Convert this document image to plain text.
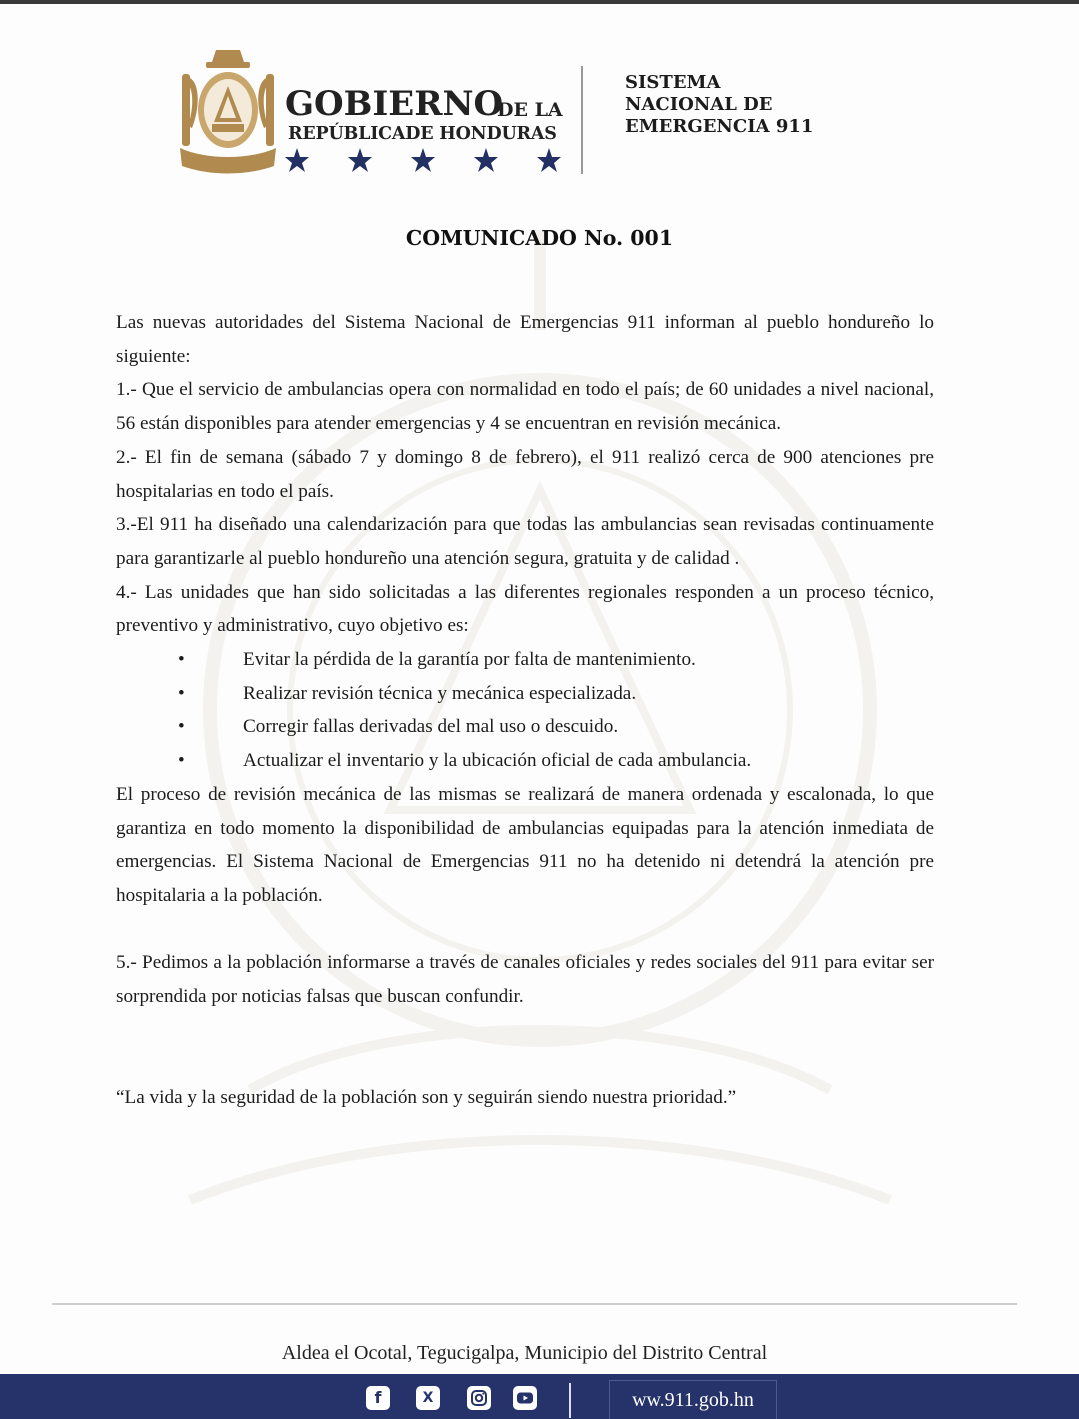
GOBIERNO
DE LA
REPÚBLICADE HONDURAS
SISTEMA
NACIONAL DE
EMERGENCIA 911
COMUNICADO No. 001

Las nuevas autoridades del Sistema Nacional de Emergencias 911 informan al pueblo hondureño lo siguiente:

1.- Que el servicio de ambulancias opera con normalidad en todo el país; de 60 unidades a nivel nacional, 56 están disponibles para atender emergencias y 4 se encuentran en revisión mecánica.

2.- El fin de semana (sábado 7 y domingo 8 de febrero), el 911 realizó cerca de 900 atenciones pre hospitalarias en todo el país.

3.-El 911 ha diseñado una calendarización para que todas las ambulancias sean revisadas continuamente para garantizarle al pueblo hondureño una atención segura, gratuita y de calidad .

4.- Las unidades que han sido solicitadas a las diferentes regionales responden a un proceso técnico, preventivo y administrativo, cuyo objetivo es:

•	Evitar la pérdida de la garantía por falta de mantenimiento.
•	Realizar revisión técnica y mecánica especializada.
•	Corregir fallas derivadas del mal uso o descuido.
•	Actualizar el inventario y la ubicación oficial de cada ambulancia.

El proceso de revisión mecánica de las mismas se realizará de manera ordenada y escalonada, lo que garantiza en todo momento la disponibilidad de ambulancias equipadas para la atención inmediata de emergencias. El Sistema Nacional de Emergencias 911 no ha detenido ni detendrá la atención pre hospitalaria a la población.

5.- Pedimos a la población informarse a través de canales oficiales y redes sociales del 911 para evitar ser sorprendida por noticias falsas que buscan confundir.

“La vida y la seguridad de la población son y seguirán siendo nuestra prioridad.”

Aldea el Ocotal, Tegucigalpa, Municipio del Distrito Central
f	X	ww.911.gob.hn
